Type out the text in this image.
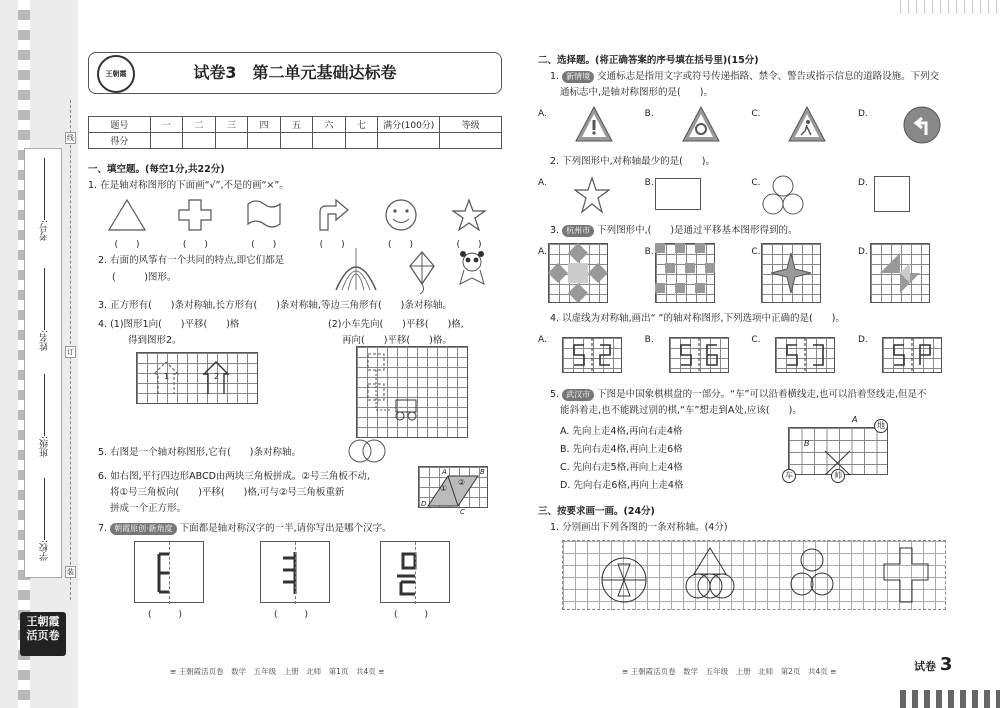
线
订
装
考号:
姓名:
班级:
学校:
王朝霞
活页卷
王朝霞	试卷3　第二单元基础达标卷
题号	一	二	三	四	五	六	七	满分(100分)	等级
得分									
一、填空题。(每空1分,共22分)
1. 在是轴对称图形的下面画“√”,不是的画“×”。
(　　)	(　　)	(　　)	(　　)	(　　)	(　　)
2. 右面的风筝有一个共同的特点,即它们都是
(　　　)图形。
3. 正方形有(　　)条对称轴,长方形有(　　)条对称轴,等边三角形有(　　)条对称轴。
4. (1)图形1向(　　)平移(　　)格
得到图形2。
(2)小车先向(　　)平移(　　)格,
再向(　　)平移(　　)格。
1	2
5. 右图是一个轴对称图形,它有(　　)条对称轴。
6. 如右图,平行四边形ABCD由两块三角板拼成。②号三角板不动,
将①号三角板向(　　)平移(　　)格,可与②号三角板重新
拼成一个正方形。
A	B
C
D
①
②
7. 朝霞原创·新角度 下面都是轴对称汉字的一半,请你写出是哪个汉字。
(　　　)	(　　　)	(　　　)
≡ 王朝霞活页卷　数学　五年级　上册　北师　第1页　共4页 ≡
二、选择题。(将正确答案的序号填在括号里)(15分)
1. 新情境 交通标志是指用文字或符号传递指路、禁令、警告或指示信息的道路设施。下列交
通标志中,是轴对称图形的是(　　)。
A.	B.	C.	D.
2. 下列图形中,对称轴最少的是(　　)。
A.	B.	C.	D.
3. 杭州市 下列图形中,(　　)是通过平移基本图形得到的。
A.	B.	C.	D.
4. 以虚线为对称轴,画出“ ”的轴对称图形,下列选项中正确的是(　　)。
A.	B.	C.	D.
5. 武汉市 下图是中国象棋棋盘的一部分。“车”可以沿着横线走,也可以沿着竖线走,但是不
能斜着走,也不能跳过别的棋,“车”想走到A处,应该(　　)。
A. 先向上走4格,再向右走4格
B. 先向右走4格,再向上走6格
C. 先向右走5格,再向上走4格
D. 先向右走6格,再向上走4格
车	帅
地
A
B
三、按要求画一画。(24分)
1. 分别画出下列各图的一条对称轴。(4分)
≡ 王朝霞活页卷　数学　五年级　上册　北师　第2页　共4页 ≡	试卷 3
